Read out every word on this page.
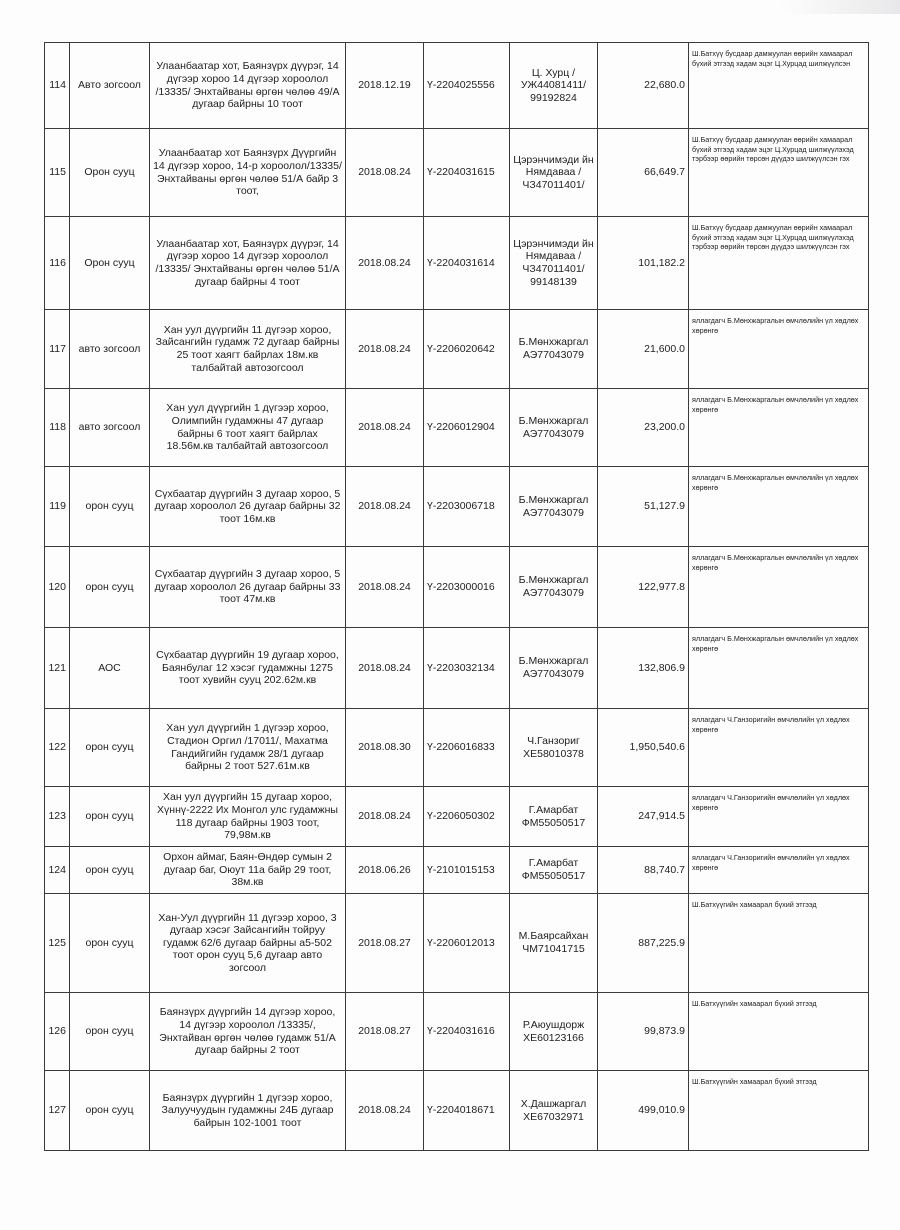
114	Авто зогсоол	Улаанбаатар хот, Баянзүрх дүүрэг, 14 дүгээр хороо 14 дүгээр хороолол /13335/ Энхтайваны өргөн чөлөө 49/А дугаар байрны 10 тоот	2018.12.19	Ү-2204025556	Ц. Хурц /УЖ44081411/ 99192824	22,680.0	Ш.Батхүү бусдаар дамжуулан өөрийн хамаарал бүхий этгээд хадам эцэг Ц.Хурцад шилжүүлсэн
115	Орон сууц	Улаанбаатар хот Баянзүрх Дүүргийн 14 дүгээр хороо, 14-р хороолол/13335/ Энхтайваны өргөн чөлөө 51/А байр 3 тоот,	2018.08.24	Ү-2204031615	Цэрэнчимэди йн Нямдаваа /ЧЗ47011401/	66,649.7	Ш.Батхүү бусдаар дамжуулан өөрийн хамаарал бүхий этгээд хадам эцэг Ц.Хурцад шилжүүлэхэд тэрбээр өөрийн төрсөн дүүдээ шилжүүлсэн гэх
116	Орон сууц	Улаанбаатар хот, Баянзүрх дүүрэг, 14 дүгээр хороо 14 дүгээр хороолол /13335/ Энхтайваны өргөн чөлөө 51/А дугаар байрны 4 тоот	2018.08.24	Ү-2204031614	Цэрэнчимэди йн Нямдаваа /ЧЗ47011401/ 99148139	101,182.2	Ш.Батхүү бусдаар дамжуулан өөрийн хамаарал бүхий этгээд хадам эцэг Ц.Хурцад шилжүүлэхэд тэрбээр өөрийн төрсөн дүүдээ шилжүүлсэн гэх
117	авто зогсоол	Хан уул дүүргийн 11 дүгээр хороо, Зайсангийн гудамж 72 дугаар байрны 25 тоот хаягт байрлах 18м.кв талбайтай автозогсоол	2018.08.24	Ү-2206020642	Б.Мөнхжаргал АЭ77043079	21,600.0	яллагдагч Б.Мөнхжаргалын өмчлөлийн үл хөдлөх хөрөнгө
118	авто зогсоол	Хан уул дүүргийн 1 дүгээр хороо, Олимпийн гудамжны 47 дугаар байрны 6 тоот хаягт байрлах 18.56м.кв талбайтай автозогсоол	2018.08.24	Ү-2206012904	Б.Мөнхжаргал АЭ77043079	23,200.0	яллагдагч Б.Мөнхжаргалын өмчлөлийн үл хөдлөх хөрөнгө
119	орон сууц	Сүхбаатар дүүргийн 3 дугаар хороо, 5 дугаар хороолол 26 дугаар байрны 32 тоот 16м.кв	2018.08.24	Ү-2203006718	Б.Мөнхжаргал АЭ77043079	51,127.9	яллагдагч Б.Мөнхжаргалын өмчлөлийн үл хөдлөх хөрөнгө
120	орон сууц	Сүхбаатар дүүргийн 3 дугаар хороо, 5 дугаар хороолол 26 дугаар байрны 33 тоот 47м.кв	2018.08.24	Ү-2203000016	Б.Мөнхжаргал АЭ77043079	122,977.8	яллагдагч Б.Мөнхжаргалын өмчлөлийн үл хөдлөх хөрөнгө
121	АОС	Сүхбаатар дүүргийн 19 дугаар хороо, Баянбулаг 12 хэсэг гудамжны 1275 тоот хувийн сууц 202.62м.кв	2018.08.24	Ү-2203032134	Б.Мөнхжаргал АЭ77043079	132,806.9	яллагдагч Б.Мөнхжаргалын өмчлөлийн үл хөдлөх хөрөнгө
122	орон сууц	Хан уул дүүргийн 1 дүгээр хороо, Стадион Оргил /17011/, Махатма Гандийгийн гудамж 28/1 дугаар байрны 2 тоот 527.61м.кв	2018.08.30	Ү-2206016833	Ч.Ганзориг ХЕ58010378	1,950,540.6	яллагдагч Ч.Ганзоригийн өмчлөлийн үл хөдлөх хөрөнгө
123	орон сууц	Хан уул дүүргийн 15 дугаар хороо, Хүннү-2222 Их Монгол улс гудамжны 118 дугаар байрны 1903 тоот, 79,98м.кв	2018.08.24	Ү-2206050302	Г.Амарбат ФМ55050517	247,914.5	яллагдагч Ч.Ганзоригийн өмчлөлийн үл хөдлөх хөрөнгө
124	орон сууц	Орхон аймаг, Баян-Өндөр сумын 2 дугаар баг, Оюут 11а байр 29 тоот, 38м.кв	2018.06.26	Ү-2101015153	Г.Амарбат ФМ55050517	88,740.7	яллагдагч Ч.Ганзоригийн өмчлөлийн үл хөдлөх хөрөнгө
125	орон сууц	Хан-Уул дүүргийн 11 дүгээр хороо, 3 дугаар хэсэг Зайсангийн тойруу гудамж 62/6 дугаар байрны а5-502 тоот орон сууц 5,6 дугаар авто зогсоол	2018.08.27	Ү-2206012013	М.Баярсайхан ЧМ71041715	887,225.9	Ш.Батхүүгийн хамаарал бүхий этгээд
126	орон сууц	Баянзүрх дүүргийн 14 дүгээр хороо, 14 дүгээр хороолол /13335/, Энхтайван өргөн чөлөө гудамж 51/А дугаар байрны 2 тоот	2018.08.27	Ү-2204031616	Р.Аюушдорж ХЕ60123166	99,873.9	Ш.Батхүүгийн хамаарал бүхий этгээд
127	орон сууц	Баянзүрх дүүргийн 1 дүгээр хороо, Залуучуудын гудамжны 24Б дугаар байрын 102-1001 тоот	2018.08.24	Ү-2204018671	Х.Дашжаргал ХЕ67032971	499,010.9	Ш.Батхүүгийн хамаарал бүхий этгээд
